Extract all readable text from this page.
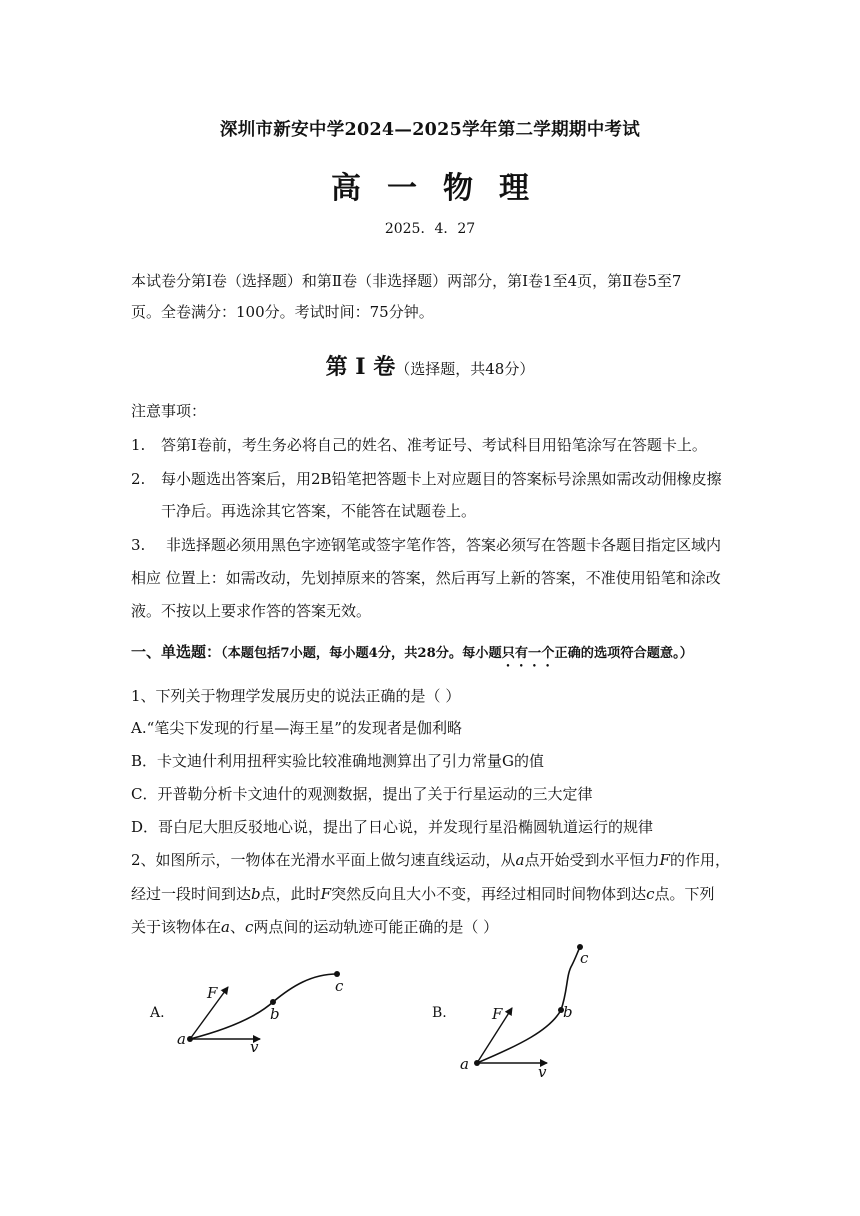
深圳市新安中学2024—2025学年第二学期期中考试
高一物理
2025．4．27
本试卷分第Ⅰ卷（选择题）和第Ⅱ卷（非选择题）两部分，第Ⅰ卷1至4页，第Ⅱ卷5至7
页。全卷满分：100分。考试时间：75分钟。
第 I 卷（选择题，共48分）
注意事项：
1. 答第I卷前，考生务必将自己的姓名、准考证号、考试科目用铅笔涂写在答题卡上。
2. 每小题选出答案后，用2B铅笔把答题卡上对应题目的答案标号涂黑如需改动佣橡皮擦
干净后。再选涂其它答案，不能答在试题卷上。
3. 非选择题必须用黑色字迹钢笔或签字笔作答，答案必须写在答题卡各题目指定区域内
相应 位置上：如需改动，先划掉原来的答案，然后再写上新的答案，不准使用铅笔和涂改
液。不按以上要求作答的答案无效。
一、单选题：（本题包括7小题，每小题4分，共28分。每小题只有一个正确的选项符合题意。）
1、下列关于物理学发展历史的说法正确的是（ ）
A.“笔尖下发现的行星—海王星”的发现者是伽利略
B．卡文迪什利用扭秤实验比较准确地测算出了引力常量G的值
C．开普勒分析卡文迪什的观测数据，提出了关于行星运动的三大定律
D．哥白尼大胆反驳地心说，提出了日心说，并发现行星沿椭圆轨道运行的规律
2、如图所示，一物体在光滑水平面上做匀速直线运动，从a点开始受到水平恒力F的作用，
经过一段时间到达b点，此时F突然反向且大小不变，再经过相同时间物体到达c点。下列
关于该物体在a、c两点间的运动轨迹可能正确的是（ ）
A.
F
a
b
c
v
B.	F
a
b
c
v
